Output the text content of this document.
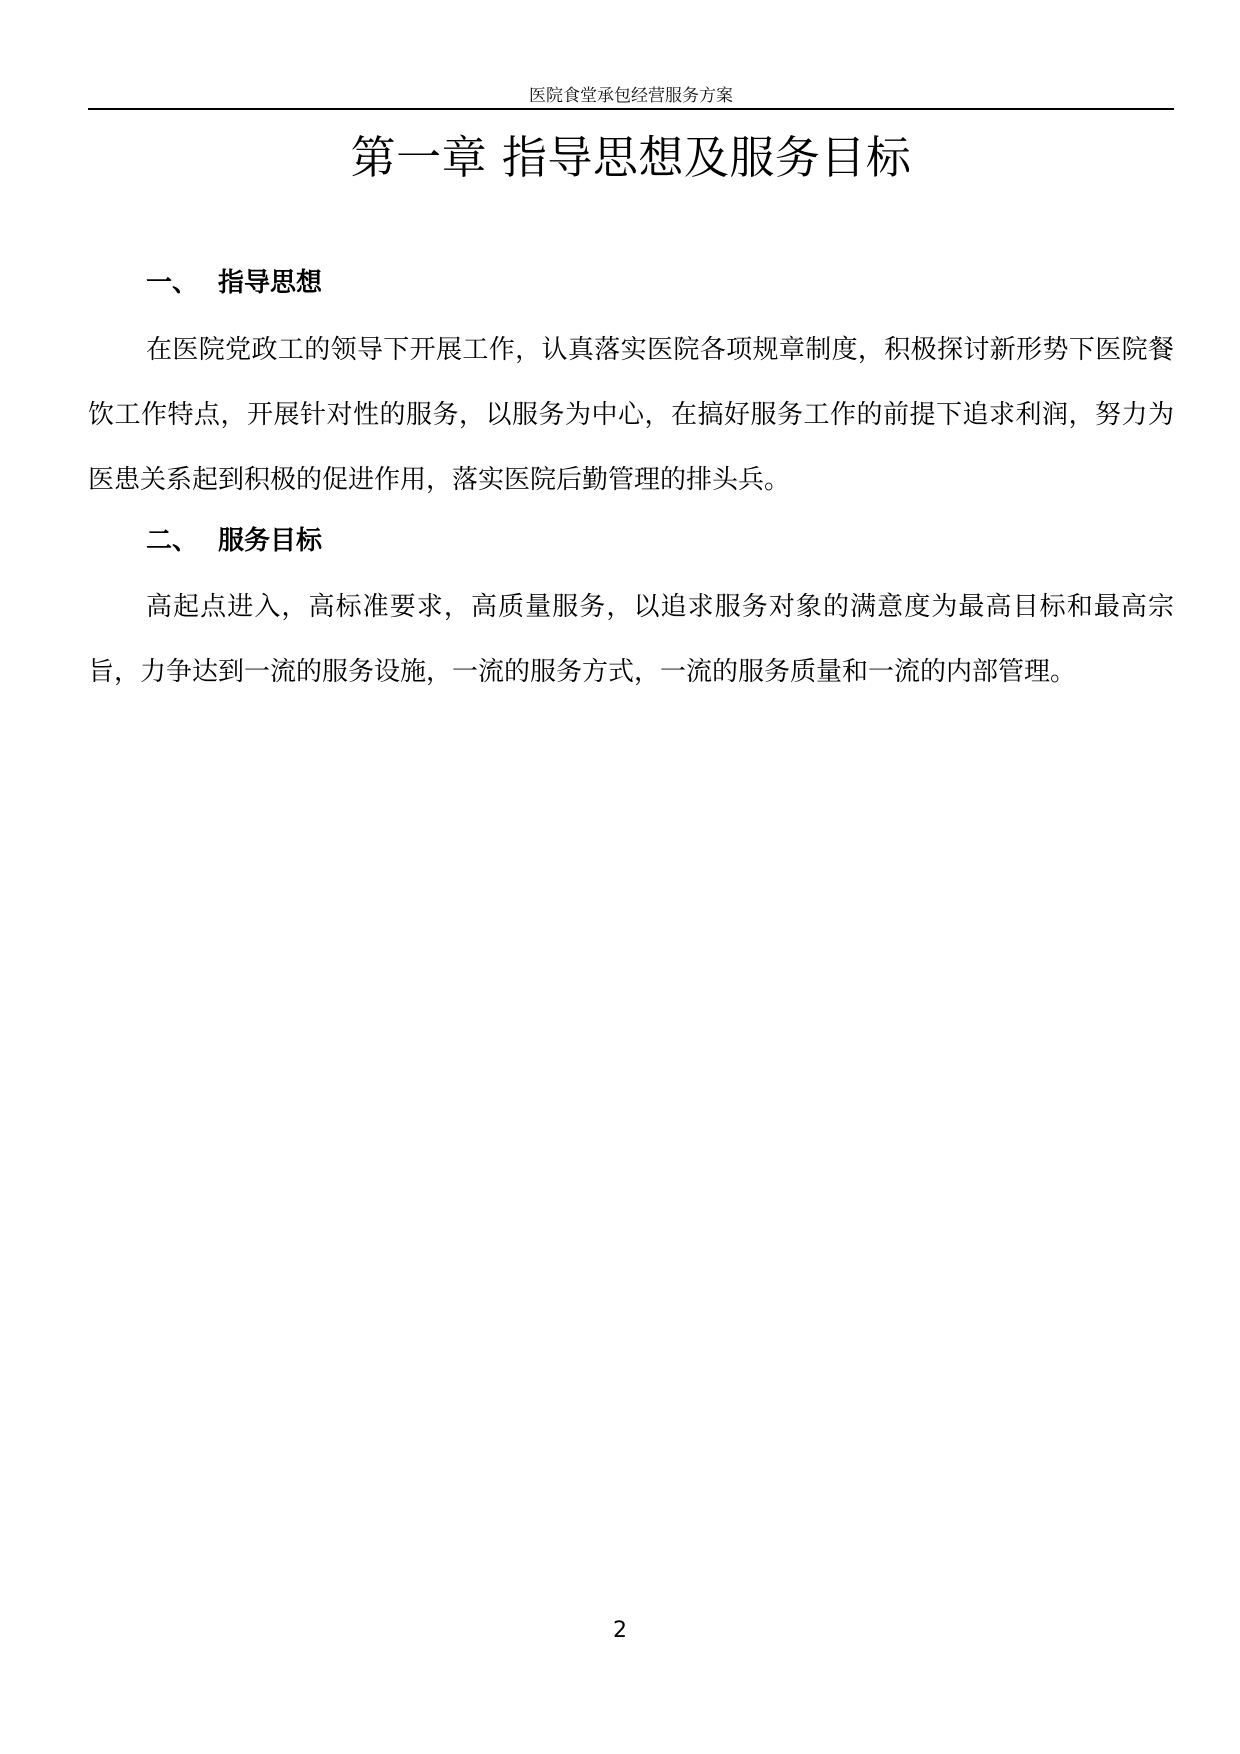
医院食堂承包经营服务方案
第一章 指导思想及服务目标
一、 指导思想

在医院党政工的领导下开展工作，认真落实医院各项规章制度，积极探讨新形势下医院餐饮工作特点，开展针对性的服务，以服务为中心，在搞好服务工作的前提下追求利润，努力为医患关系起到积极的促进作用，落实医院后勤管理的排头兵。

二、 服务目标

高起点进入，高标准要求，高质量服务，以追求服务对象的满意度为最高目标和最高宗旨，力争达到一流的服务设施，一流的服务方式，一流的服务质量和一流的内部管理。

2
